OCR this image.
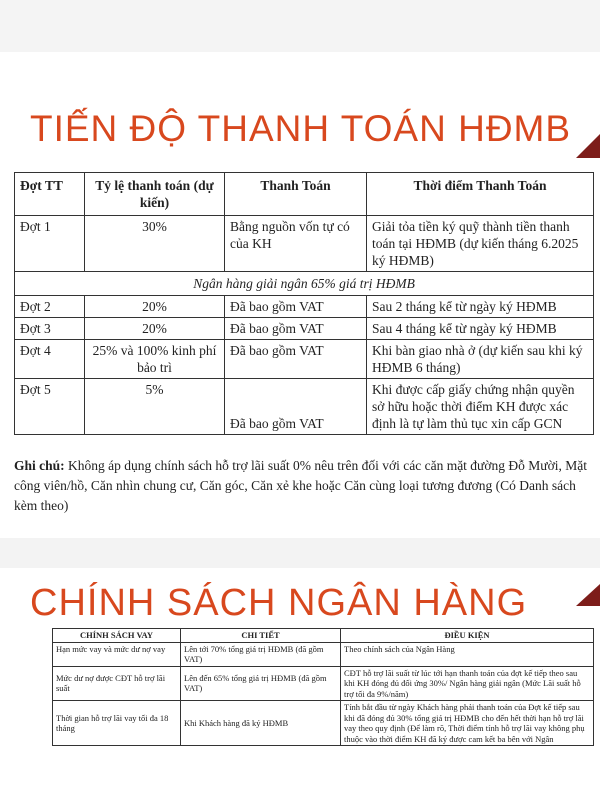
TIẾN ĐỘ THANH TOÁN HĐMB
Đợt TT	Tỷ lệ thanh toán (dự kiến)	Thanh Toán	Thời điểm Thanh Toán
Đợt 1	30%	Bằng nguồn vốn tự có của KH	Giải tỏa tiền ký quỹ thành tiền thanh toán tại HĐMB (dự kiến tháng 6.2025 ký HĐMB)
Ngân hàng giải ngân 65% giá trị HĐMB			
Đợt 2	20%	Đã bao gồm VAT	Sau 2 tháng kể từ ngày ký HĐMB
Đợt 3	20%	Đã bao gồm VAT	Sau 4 tháng kể từ ngày ký HĐMB
Đợt 4	25% và 100% kinh phí bảo trì	Đã bao gồm VAT	Khi bàn giao nhà ở (dự kiến sau khi ký HĐMB 6 tháng)
Đợt 5	5%	Đã bao gồm VAT	Khi được cấp giấy chứng nhận quyền sở hữu hoặc thời điểm KH được xác định là tự làm thủ tục xin cấp GCN
Ghi chú: Không áp dụng chính sách hỗ trợ lãi suất 0% nêu trên đối với các căn mặt đường Đỗ Mười, Mặt công viên/hồ, Căn nhìn chung cư, Căn góc, Căn xẻ khe hoặc Căn cùng loại tương đương (Có Danh sách kèm theo)
CHÍNH SÁCH NGÂN HÀNG
CHÍNH SÁCH VAY	CHI TIẾT	ĐIỀU KIỆN
Hạn mức vay và mức dư nợ vay	Lên tới 70% tổng giá trị HĐMB (đã gồm VAT)	Theo chính sách của Ngân Hàng
Mức dư nợ được CĐT hỗ trợ lãi suất	Lên đến 65% tổng giá trị HĐMB (đã gồm VAT)	CĐT hỗ trợ lãi suất từ lúc tới hạn thanh toán của đợt kế tiếp theo sau khi KH đóng đủ đối ứng 30%/ Ngân hàng giải ngân (Mức Lãi suất hỗ trợ tối đa 9%/năm)
Thời gian hỗ trợ lãi vay tối đa 18 tháng	Khi Khách hàng đã ký HĐMB	Tính bắt đầu từ ngày Khách hàng phải thanh toán của Đợt kế tiếp sau khi đã đóng đủ 30% tổng giá trị HĐMB cho đến hết thời hạn hỗ trợ lãi vay theo quy định (Để làm rõ, Thời điểm tính hỗ trợ lãi vay không phụ thuộc vào thời điểm KH đã ký được cam kết ba bên với Ngân
